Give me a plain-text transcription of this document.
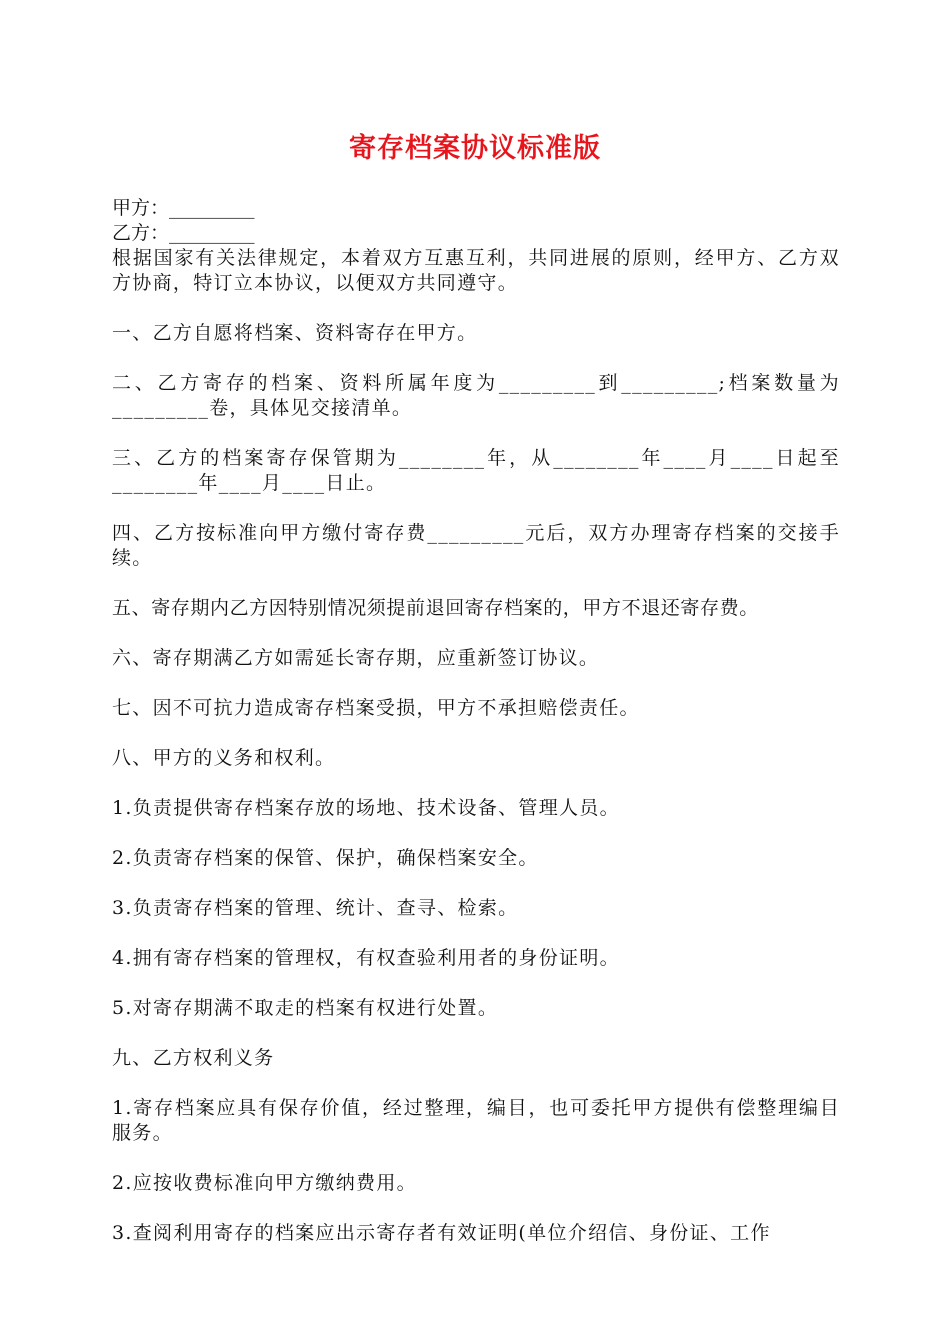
寄存档案协议标准版

甲方：_________

乙方：_________

根据国家有关法律规定，本着双方互惠互利，共同进展的原则，经甲方、乙方双方协商，特订立本协议，以便双方共同遵守。

一、乙方自愿将档案、资料寄存在甲方。

二、乙方寄存的档案、资料所属年度为_________到_________;档案数量为_________卷，具体见交接清单。

三、乙方的档案寄存保管期为________年，从________年____月____日起至________年____月____日止。

四、乙方按标准向甲方缴付寄存费_________元后，双方办理寄存档案的交接手续。

五、寄存期内乙方因特别情况须提前退回寄存档案的，甲方不退还寄存费。

六、寄存期满乙方如需延长寄存期，应重新签订协议。

七、因不可抗力造成寄存档案受损，甲方不承担赔偿责任。

八、甲方的义务和权利。

1.负责提供寄存档案存放的场地、技术设备、管理人员。

2.负责寄存档案的保管、保护，确保档案安全。

3.负责寄存档案的管理、统计、查寻、检索。

4.拥有寄存档案的管理权，有权查验利用者的身份证明。

5.对寄存期满不取走的档案有权进行处置。

九、乙方权利义务

1.寄存档案应具有保存价值，经过整理，编目，也可委托甲方提供有偿整理编目服务。

2.应按收费标准向甲方缴纳费用。

3.查阅利用寄存的档案应出示寄存者有效证明(单位介绍信、身份证、工作
